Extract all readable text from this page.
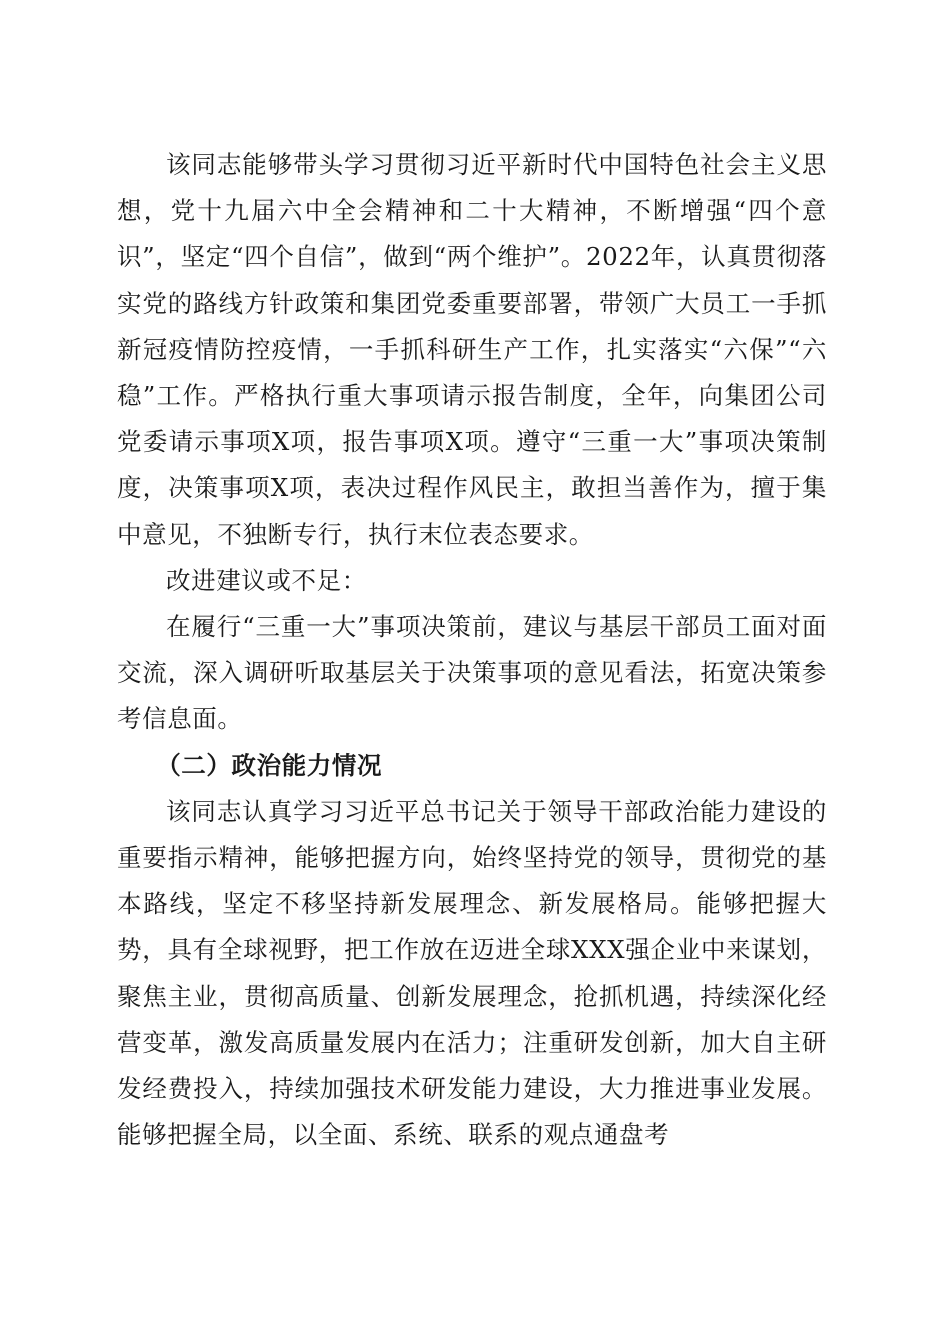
该同志能够带头学习贯彻习近平新时代中国特色社会主义思想，党十九届六中全会精神和二十大精神，不断增强“四个意识”，坚定“四个自信”，做到“两个维护”。2022年，认真贯彻落实党的路线方针政策和集团党委重要部署，带领广大员工一手抓新冠疫情防控疫情，一手抓科研生产工作，扎实落实“六保”“六稳”工作。严格执行重大事项请示报告制度，全年，向集团公司党委请示事项X项，报告事项X项。遵守“三重一大”事项决策制度，决策事项X项，表决过程作风民主，敢担当善作为，擅于集中意见，不独断专行，执行末位表态要求。

改进建议或不足：

在履行“三重一大”事项决策前，建议与基层干部员工面对面交流，深入调研听取基层关于决策事项的意见看法，拓宽决策参考信息面。

（二）政治能力情况

该同志认真学习习近平总书记关于领导干部政治能力建设的重要指示精神，能够把握方向，始终坚持党的领导，贯彻党的基本路线，坚定不移坚持新发展理念、新发展格局。能够把握大势，具有全球视野，把工作放在迈进全球XXX强企业中来谋划，聚焦主业，贯彻高质量、创新发展理念，抢抓机遇，持续深化经营变革，激发高质量发展内在活力；注重研发创新，加大自主研发经费投入，持续加强技术研发能力建设，大力推进事业发展。能够把握全局，以全面、系统、联系的观点通盘考
